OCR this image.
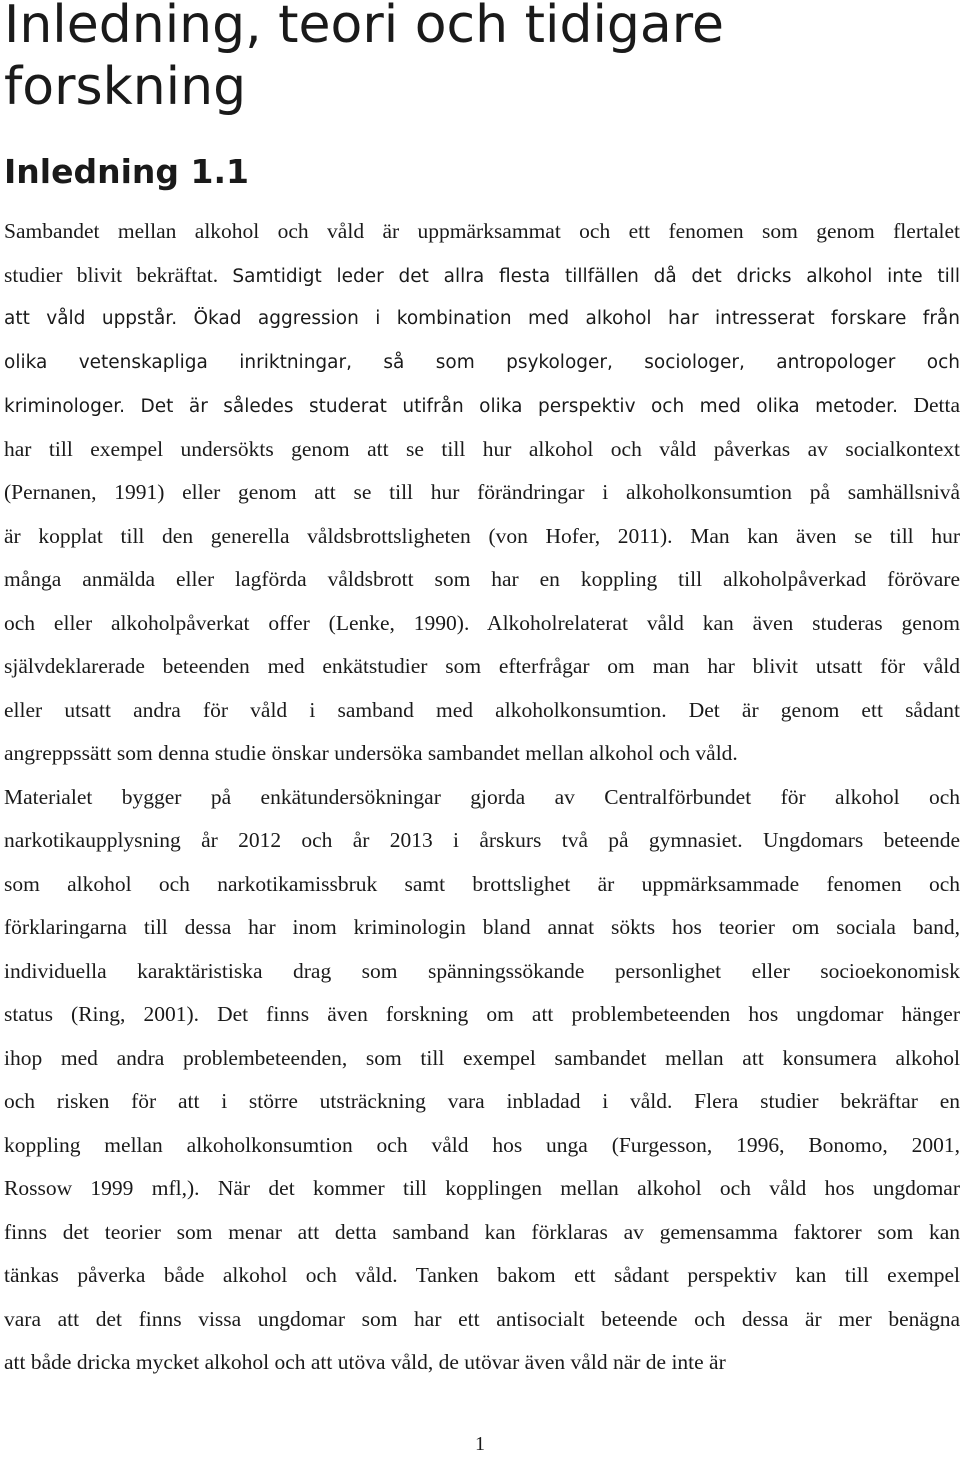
Inledning, teori och tidigare forskning
Inledning 1.1
Sambandet mellan alkohol och våld är uppmärksammat och ett fenomen som genom flertalet
studier blivit bekräftat. Samtidigt leder det allra flesta tillfällen då det dricks alkohol inte till
att våld uppstår. Ökad aggression i kombination med alkohol har intresserat forskare från
olika vetenskapliga inriktningar, så som psykologer, sociologer, antropologer och
kriminologer. Det är således studerat utifrån olika perspektiv och med olika metoder. Detta
har till exempel undersökts genom att se till hur alkohol och våld påverkas av socialkontext
(Pernanen, 1991) eller genom att se till hur förändringar i alkoholkonsumtion på samhällsnivå
är kopplat till den generella våldsbrottsligheten (von Hofer, 2011). Man kan även se till hur
många anmälda eller lagförda våldsbrott som har en koppling till alkoholpåverkad förövare
och eller alkoholpåverkat offer (Lenke, 1990). Alkoholrelaterat våld kan även studeras genom
självdeklarerade beteenden med enkätstudier som efterfrågar om man har blivit utsatt för våld
eller utsatt andra för våld i samband med alkoholkonsumtion. Det är genom ett sådant
angreppssätt som denna studie önskar undersöka sambandet mellan alkohol och våld.
Materialet bygger på enkätundersökningar gjorda av Centralförbundet för alkohol och
narkotikaupplysning år 2012 och år 2013 i årskurs två på gymnasiet. Ungdomars beteende
som alkohol och narkotikamissbruk samt brottslighet är uppmärksammade fenomen och
förklaringarna till dessa har inom kriminologin bland annat sökts hos teorier om sociala band,
individuella karaktäristiska drag som spänningssökande personlighet eller socioekonomisk
status (Ring, 2001). Det finns även forskning om att problembeteenden hos ungdomar hänger
ihop med andra problembeteenden, som till exempel sambandet mellan att konsumera alkohol
och risken för att i större utsträckning vara inbladad i våld. Flera studier bekräftar en
koppling mellan alkoholkonsumtion och våld hos unga (Furgesson, 1996, Bonomo, 2001,
Rossow 1999 mfl,). När det kommer till kopplingen mellan alkohol och våld hos ungdomar
finns det teorier som menar att detta samband kan förklaras av gemensamma faktorer som kan
tänkas påverka både alkohol och våld. Tanken bakom ett sådant perspektiv kan till exempel
vara att det finns vissa ungdomar som har ett antisocialt beteende och dessa är mer benägna
att både dricka mycket alkohol och att utöva våld, de utövar även våld när de inte är
1
